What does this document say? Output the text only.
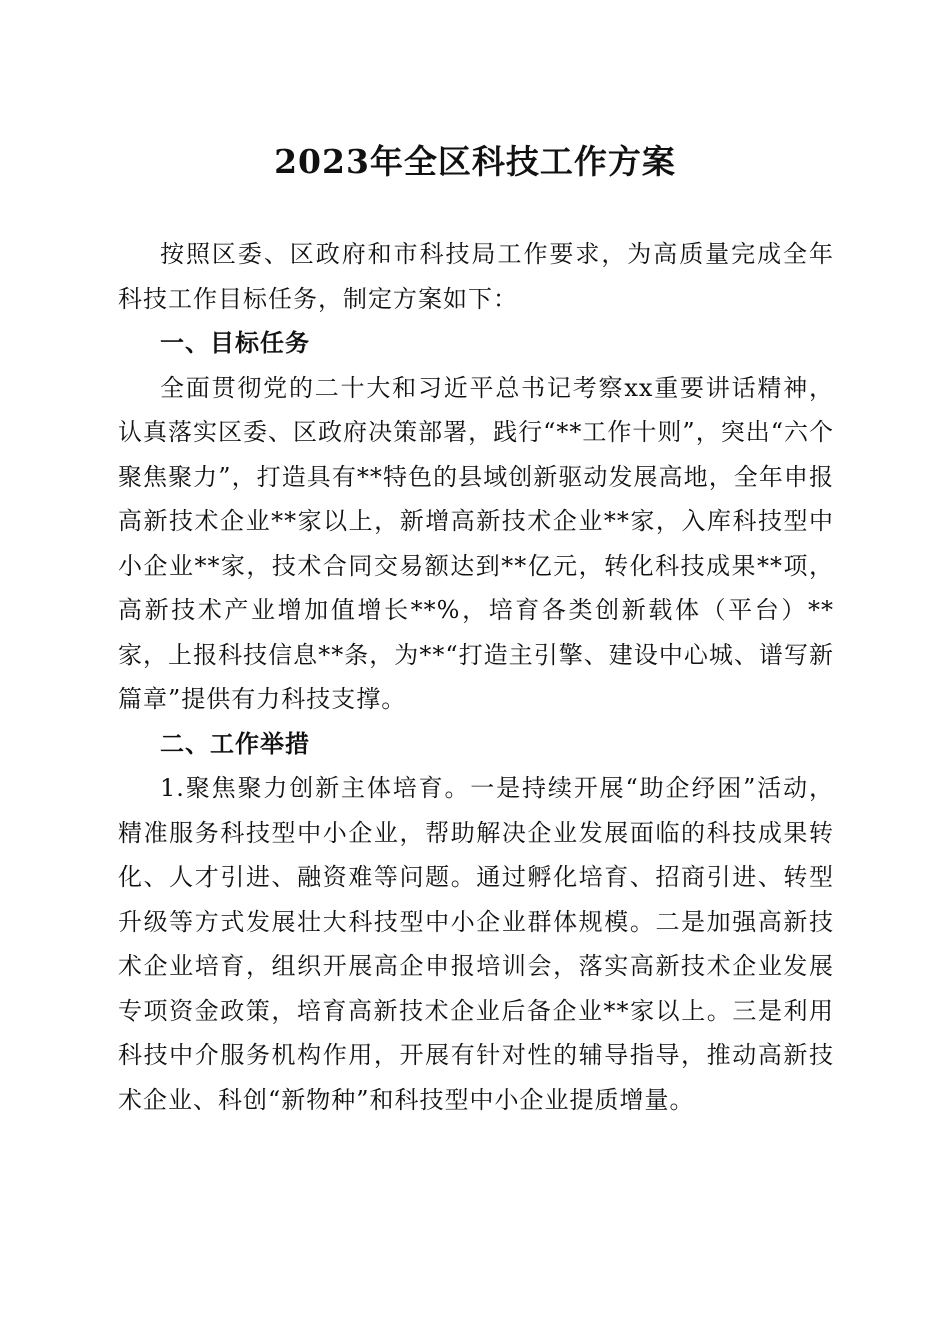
2023年全区科技工作方案

按照区委、区政府和市科技局工作要求，为高质量完成全年科技工作目标任务，制定方案如下：

一、目标任务

全面贯彻党的二十大和习近平总书记考察xx重要讲话精神，认真落实区委、区政府决策部署，践行“**工作十则”，突出“六个聚焦聚力”，打造具有**特色的县域创新驱动发展高地，全年申报高新技术企业**家以上，新增高新技术企业**家，入库科技型中小企业**家，技术合同交易额达到**亿元，转化科技成果**项，高新技术产业增加值增长**%，培育各类创新载体（平台）**家，上报科技信息**条，为**“打造主引擎、建设中心城、谱写新篇章”提供有力科技支撑。

二、工作举措

1.聚焦聚力创新主体培育。一是持续开展“助企纾困”活动，精准服务科技型中小企业，帮助解决企业发展面临的科技成果转化、人才引进、融资难等问题。通过孵化培育、招商引进、转型升级等方式发展壮大科技型中小企业群体规模。二是加强高新技术企业培育，组织开展高企申报培训会，落实高新技术企业发展专项资金政策，培育高新技术企业后备企业**家以上。三是利用科技中介服务机构作用，开展有针对性的辅导指导，推动高新技术企业、科创“新物种”和科技型中小企业提质增量。
